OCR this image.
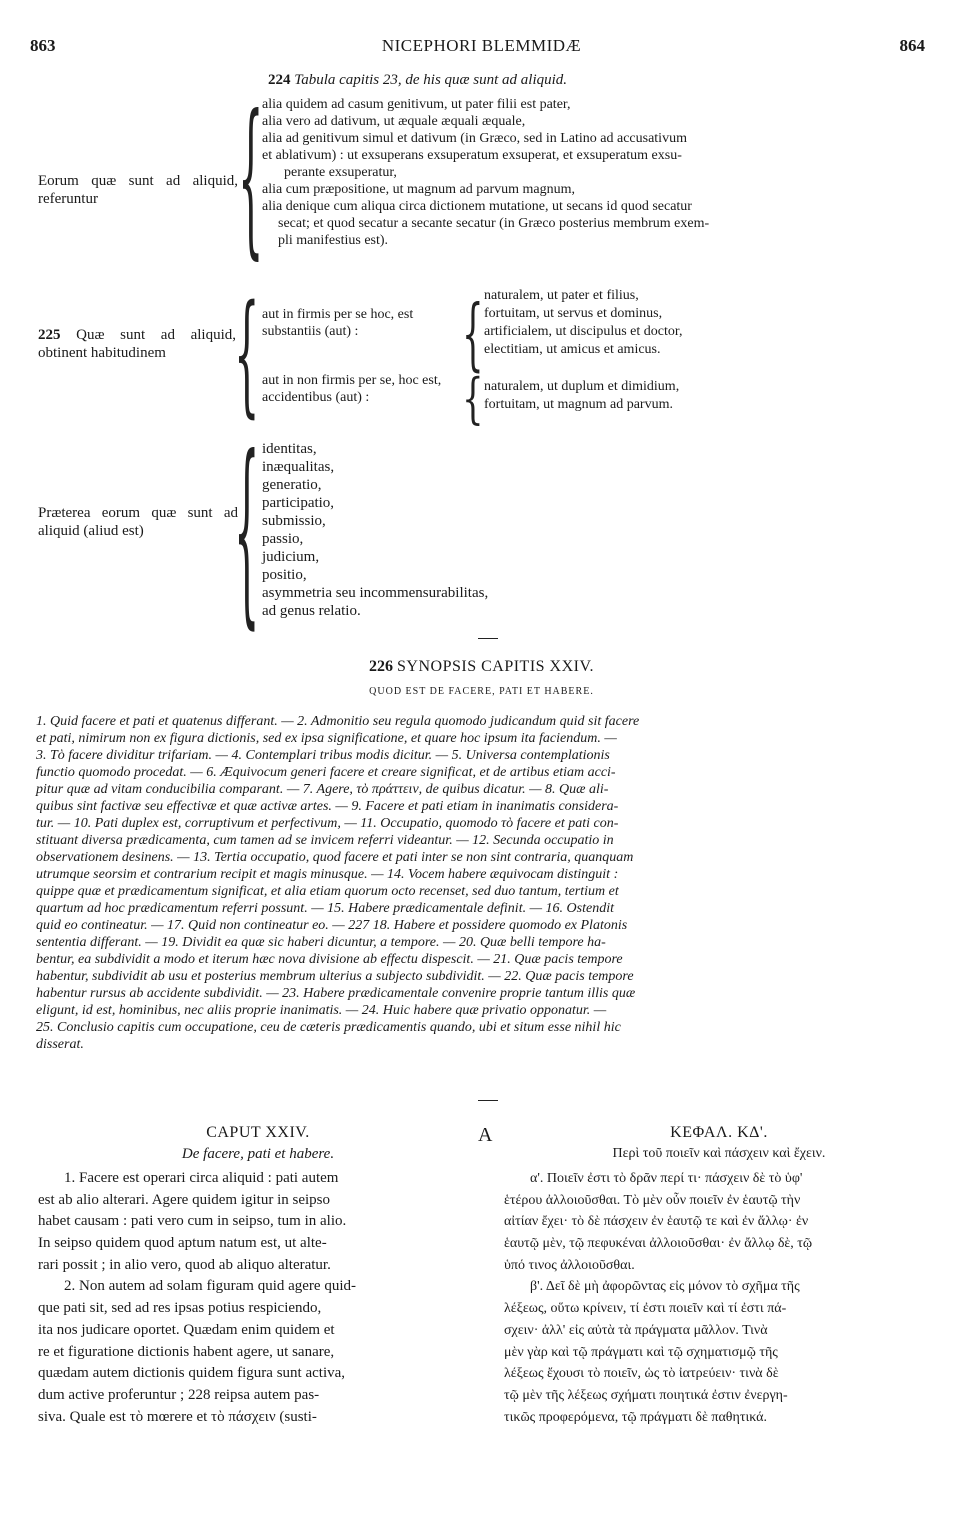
863	NICEPHORI BLEMMIDÆ	864
224 Tabula capitis 23, de his quæ sunt ad aliquid.
Eorum quæ sunt ad aliquid, referuntur	{
alia quidem ad casum genitivum, ut pater filii est pater,
alia vero ad dativum, ut æquale æquali æquale,
alia ad genitivum simul et dativum (in Græco, sed in Latino ad accusativum
et ablativum) : ut exsuperans exsuperatum exsuperat, et exsuperatum exsu-
perante exsuperatur,
alia cum præpositione, ut magnum ad parvum magnum,
alia denique cum aliqua circa dictionem mutatione, ut secans id quod secatur
secat; et quod secatur a secante secatur (in Græco posterius membrum exem-
pli manifestius est).
225 Quæ sunt ad aliquid, obtinent habitudinem	{ aut in firmis per se hoc, est substantiis (aut) :	{ naturalem, ut pater et filius,
fortuitam, ut servus et dominus,
artificialem, ut discipulus et doctor,
electitiam, ut amicus et amicus.
aut in non firmis per se, hoc est, accidentibus (aut) :	{ naturalem, ut duplum et dimidium,
fortuitam, ut magnum ad parvum.
Præterea eorum quæ sunt ad aliquid (aliud est)	{ identitas,
inæqualitas,
generatio,
participatio,
submissio,
passio,
judicium,
positio,
asymmetria seu incommensurabilitas,
ad genus relatio.
226 SYNOPSIS CAPITIS XXIV.
QUOD EST DE FACERE, PATI ET HABERE.
1. Quid facere et pati et quatenus differant. — 2. Admonitio seu regula quomodo judicandum quid sit facere
et pati, nimirum non ex figura dictionis, sed ex ipsa significatione, et quare hoc ipsum ita faciendum. —
3. Τὸ facere dividitur trifariam. — 4. Contemplari tribus modis dicitur. — 5. Universa contemplationis
functio quomodo procedat. — 6. Æquivocum generi facere et creare significat, et de artibus etiam acci-
pitur quæ ad vitam conducibilia comparant. — 7. Agere, τὸ πράττειν, de quibus dicatur. — 8. Quæ ali-
quibus sint factivæ seu effectivæ et quæ activæ artes. — 9. Facere et pati etiam in inanimatis considera-
tur. — 10. Pati duplex est, corruptivum et perfectivum, — 11. Occupatio, quomodo τὸ facere et pati con-
stituant diversa prædicamenta, cum tamen ad se invicem referri videantur. — 12. Secunda occupatio in
observationem desinens. — 13. Tertia occupatio, quod facere et pati inter se non sint contraria, quanquam
utrumque seorsim et contrarium recipit et magis minusque. — 14. Vocem habere æquivocam distinguit :
quippe quæ et prædicamentum significat, et alia etiam quorum octo recenset, sed duo tantum, tertium et
quartum ad hoc prædicamentum referri possunt. — 15. Habere prædicamentale definit. — 16. Ostendit
quid eo contineatur. — 17. Quid non contineatur eo. — 227 18. Habere et possidere quomodo ex Platonis
sententia differant. — 19. Dividit ea quæ sic haberi dicuntur, a tempore. — 20. Quæ belli tempore ha-
bentur, ea subdividit a modo et iterum hæc nova divisione ab effectu dispescit. — 21. Quæ pacis tempore
habentur, subdividit ab usu et posterius membrum ulterius a subjecto subdividit. — 22. Quæ pacis tempore
habentur rursus ab accidente subdividit. — 23. Habere prædicamentale convenire proprie tantum illis quæ
eligunt, id est, hominibus, nec aliis proprie inanimatis. — 24. Huic habere quæ privatio opponatur. —
25. Conclusio capitis cum occupatione, ceu de cæteris prædicamentis quando, ubi et situm esse nihil hic
disserat.
CAPUT XXIV.
De facere, pati et habere.
1. Facere est operari circa aliquid : pati autem
est ab alio alterari. Agere quidem igitur in seipso
habet causam : pati vero cum in seipso, tum in alio.
In seipso quidem quod aptum natum est, ut alte-
rari possit ; in alio vero, quod ab aliquo alteratur.
2. Non autem ad solam figuram quid agere quid-
que pati sit, sed ad res ipsas potius respiciendo,
ita nos judicare oportet. Quædam enim quidem et
re et figuratione dictionis habent agere, ut sanare,
quædam autem dictionis quidem figura sunt activa,
dum active proferuntur ; 228 reipsa autem pas-
siva. Quale est τὸ mœrere et τὸ πάσχειν (susti-
A	ΚΕΦΑΛ. ΚΔ'.
Περὶ τοῦ ποιεῖν καὶ πάσχειν καὶ ἔχειν.
α'. Ποιεῖν ἐστι τὸ δρᾶν περί τι· πάσχειν δὲ τὸ ὑφ'
ἑτέρου ἀλλοιοῦσθαι. Τὸ μὲν οὖν ποιεῖν ἐν ἑαυτῷ τὴν
αἰτίαν ἔχει· τὸ δὲ πάσχειν ἐν ἑαυτῷ τε καὶ ἐν ἄλλῳ· ἐν
ἑαυτῷ μὲν, τῷ πεφυκέναι ἀλλοιοῦσθαι· ἐν ἄλλῳ δὲ, τῷ
ὑπό τινος ἀλλοιοῦσθαι.
β'. Δεῖ δὲ μὴ ἀφορῶντας εἰς μόνον τὸ σχῆμα τῆς
λέξεως, οὕτω κρίνειν, τί ἐστι ποιεῖν καὶ τί ἐστι πά-
σχειν· ἀλλ' εἰς αὐτὰ τὰ πράγματα μᾶλλον. Τινὰ
μὲν γὰρ καὶ τῷ πράγματι καὶ τῷ σχηματισμῷ τῆς
λέξεως ἔχουσι τὸ ποιεῖν, ὡς τὸ ἰατρεύειν· τινὰ δὲ
τῷ μὲν τῆς λέξεως σχήματι ποιητικά ἐστιν ἐνεργη-
τικῶς προφερόμενα, τῷ πράγματι δὲ παθητικά.
